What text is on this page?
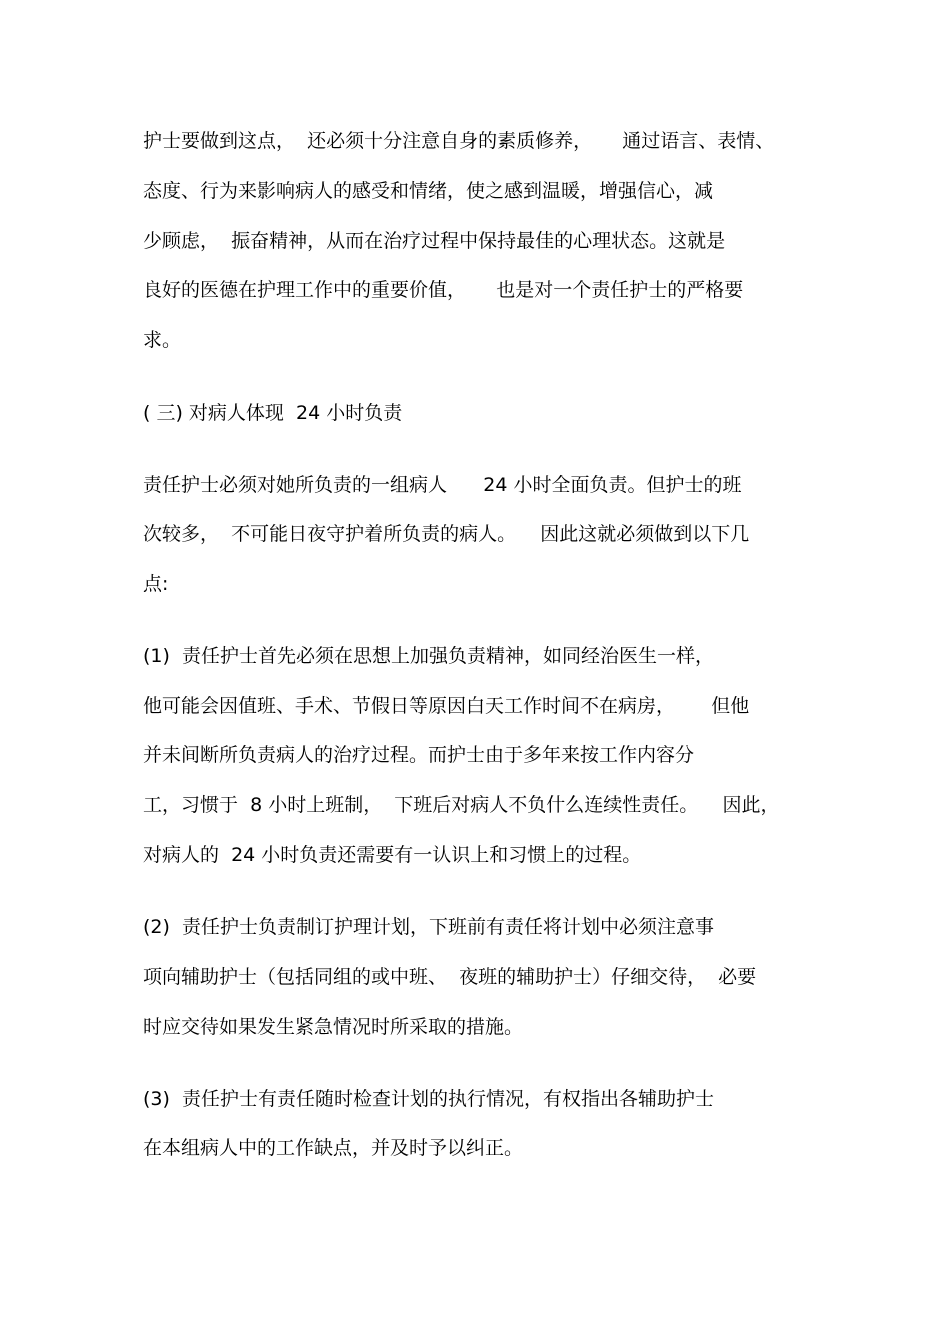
护士要做到这点，  还必须十分注意自身的素质修养，     通过语言、表情、
态度、行为来影响病人的感受和情绪，使之感到温暖，增强信心，减
少顾虑，  振奋精神，从而在治疗过程中保持最佳的心理状态。这就是
良好的医德在护理工作中的重要价值，     也是对一个责任护士的严格要
求。
( 三) 对病人体现  24 小时负责
责任护士必须对她所负责的一组病人      24 小时全面负责。但护士的班
次较多，  不可能日夜守护着所负责的病人。    因此这就必须做到以下几
点:
(1)  责任护士首先必须在思想上加强负责精神，如同经治医生一样，
他可能会因值班、手术、节假日等原因白天工作时间不在病房，      但他
并未间断所负责病人的治疗过程。而护士由于多年来按工作内容分
工，习惯于  8 小时上班制，  下班后对病人不负什么连续性责任。    因此，
对病人的  24 小时负责还需要有一认识上和习惯上的过程。
(2)  责任护士负责制订护理计划，下班前有责任将计划中必须注意事
项向辅助护士（包括同组的或中班、  夜班的辅助护士）仔细交待，  必要
时应交待如果发生紧急情况时所采取的措施。
(3)  责任护士有责任随时检查计划的执行情况，有权指出各辅助护士
在本组病人中的工作缺点，并及时予以纠正。
